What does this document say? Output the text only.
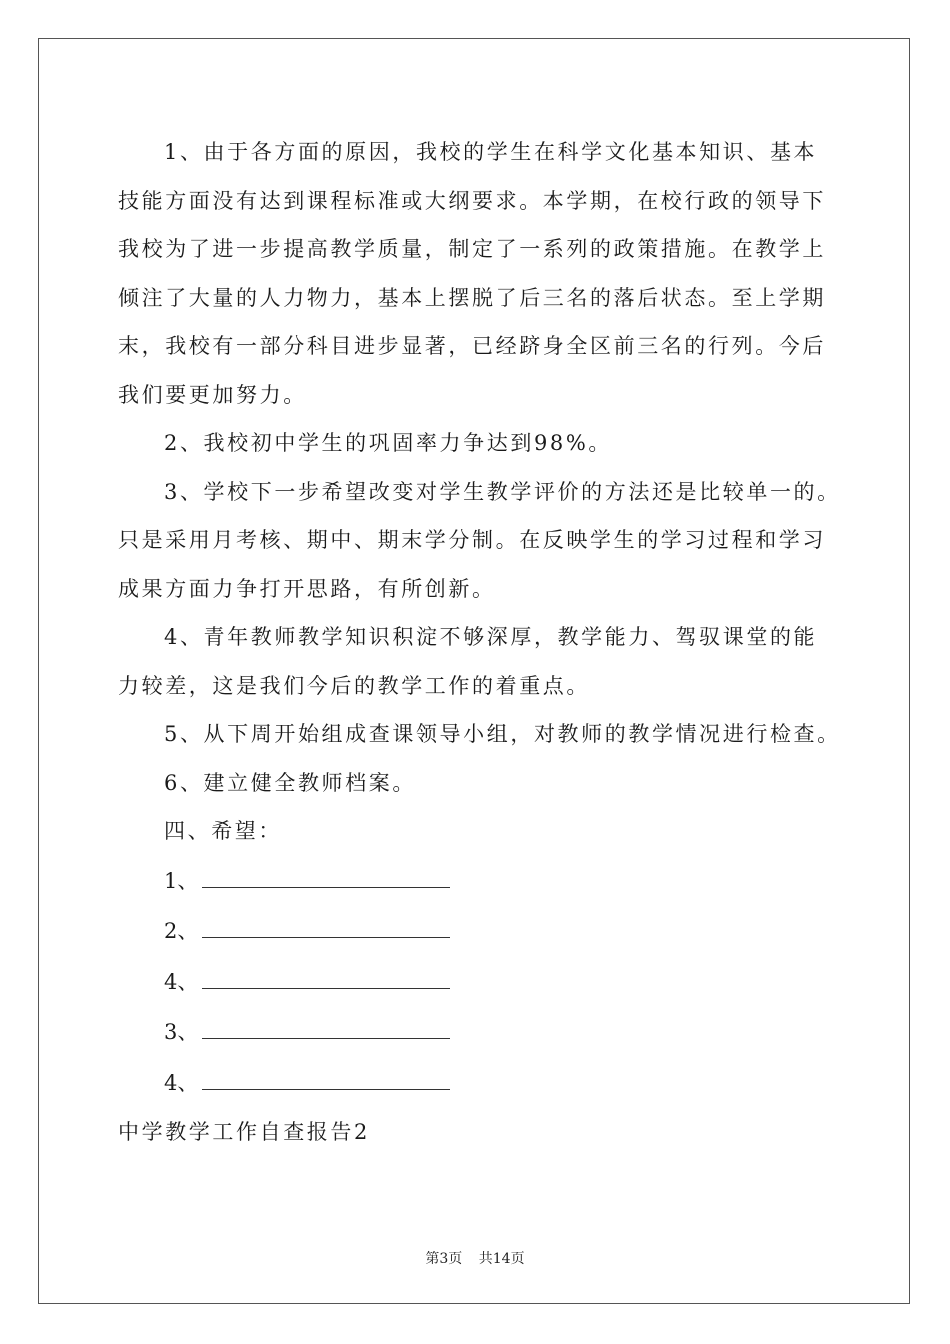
1、由于各方面的原因，我校的学生在科学文化基本知识、基本
技能方面没有达到课程标准或大纲要求。本学期，在校行政的领导下
我校为了进一步提高教学质量，制定了一系列的政策措施。在教学上
倾注了大量的人力物力，基本上摆脱了后三名的落后状态。至上学期
末，我校有一部分科目进步显著，已经跻身全区前三名的行列。今后
我们要更加努力。
2、我校初中学生的巩固率力争达到98%。
3、学校下一步希望改变对学生教学评价的方法还是比较单一的。
只是采用月考核、期中、期末学分制。在反映学生的学习过程和学习
成果方面力争打开思路，有所创新。
4、青年教师教学知识积淀不够深厚，教学能力、驾驭课堂的能
力较差，这是我们今后的教学工作的着重点。
5、从下周开始组成查课领导小组，对教师的教学情况进行检查。
6、建立健全教师档案。
四、希望：
1、
2、
4、
3、
4、
中学教学工作自查报告2
第3页 共14页
